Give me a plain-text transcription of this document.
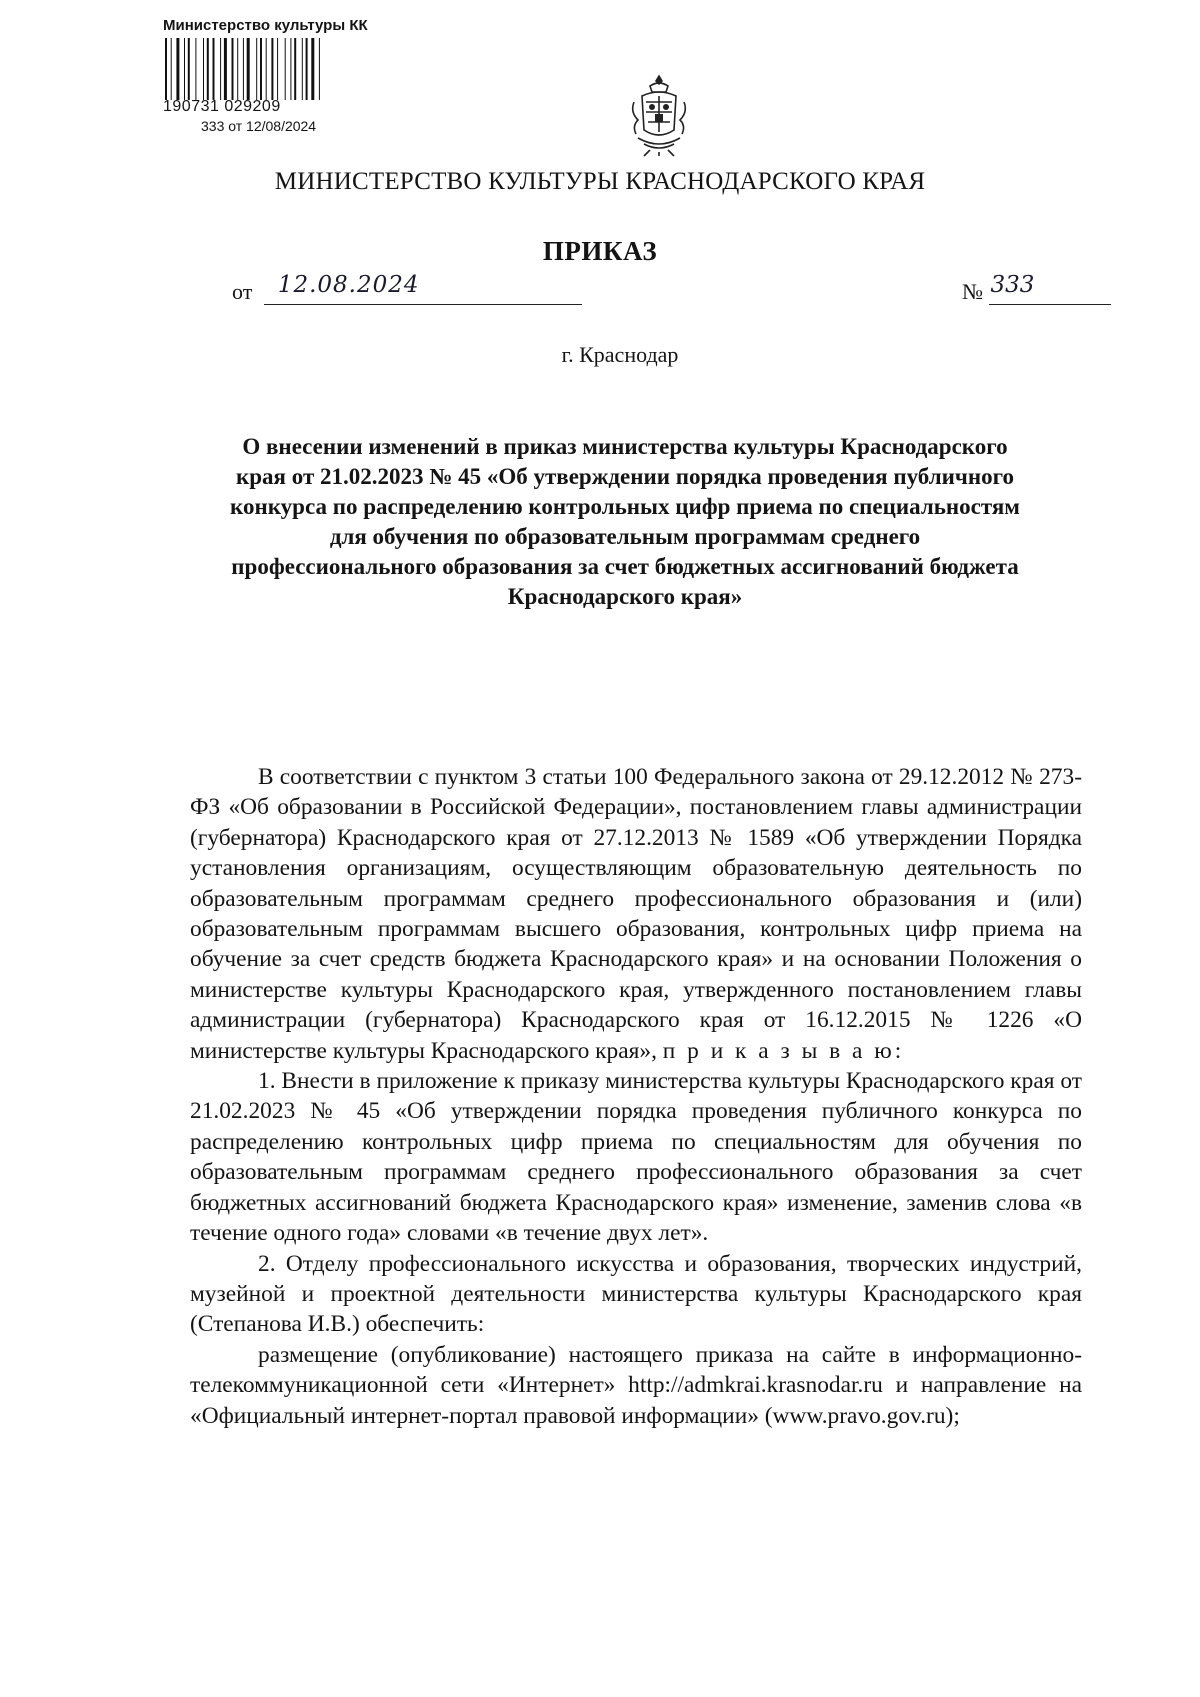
Министерство культуры КК
190731 029209
333 от 12/08/2024
МИНИСТЕРСТВО КУЛЬТУРЫ КРАСНОДАРСКОГО КРАЯ
ПРИКАЗ
от 12.08.2024	№ 333
г. Краснодар
О внесении изменений в приказ министерства культуры Краснодарского края от 21.02.2023 № 45 «Об утверждении порядка проведения публичного конкурса по распределению контрольных цифр приема по специальностям для обучения по образовательным программам среднего профессионального образования за счет бюджетных ассигнований бюджета Краснодарского края»

В соответствии с пунктом 3 статьи 100 Федерального закона от 29.12.2012 № 273-ФЗ «Об образовании в Российской Федерации», постановлением главы администрации (губернатора) Краснодарского края от 27.12.2013 № 1589 «Об утверждении Порядка установления организациям, осуществляющим образовательную деятельность по образовательным программам среднего профессионального образования и (или) образовательным программам высшего образования, контрольных цифр приема на обучение за счет средств бюджета Краснодарского края» и на основании Положения о министерстве культуры Краснодарского края, утвержденного постановлением главы администрации (губернатора) Краснодарского края от 16.12.2015 № 1226 «О министерстве культуры Краснодарского края», п р и к а з ы в а ю:

1. Внести в приложение к приказу министерства культуры Краснодарского края от 21.02.2023 № 45 «Об утверждении порядка проведения публичного конкурса по распределению контрольных цифр приема по специальностям для обучения по образовательным программам среднего профессионального образования за счет бюджетных ассигнований бюджета Краснодарского края» изменение, заменив слова «в течение одного года» словами «в течение двух лет».

2. Отделу профессионального искусства и образования, творческих индустрий, музейной и проектной деятельности министерства культуры Краснодарского края (Степанова И.В.) обеспечить:

размещение (опубликование) настоящего приказа на сайте в информационно-телекоммуникационной сети «Интернет» http://admkrai.krasnodar.ru и направление на «Официальный интернет-портал правовой информации» (www.pravo.gov.ru);
